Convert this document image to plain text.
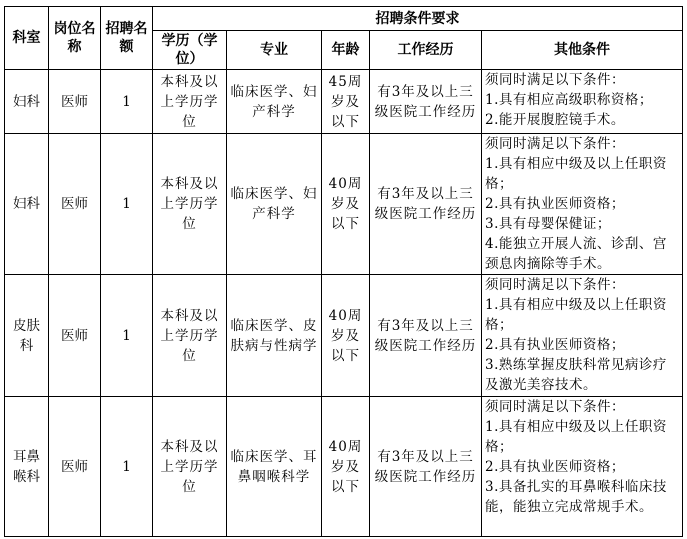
科室	岗位名称	招聘名额	招聘条件要求				
			学历（学位）	专业	年龄	工作经历	其他条件
妇科	医师	1	本科及以上学历学位	临床医学、妇产科学	45周岁及以下	有3年及以上三级医院工作经历	须同时满足以下条件：
1.具有相应高级职称资格；
2.能开展腹腔镜手术。

妇科	医师	1	本科及以上学历学位	临床医学、妇产科学	40周岁及以下	有3年及以上三级医院工作经历	须同时满足以下条件：
1.具有相应中级及以上任职资格；
2.具有执业医师资格；
3.具有母婴保健证；
4.能独立开展人流、诊刮、宫颈息肉摘除等手术。

皮肤科	医师	1	本科及以上学历学位	临床医学、皮肤病与性病学	40周岁及以下	有3年及以上三级医院工作经历	须同时满足以下条件：
1.具有相应中级及以上任职资格；
2.具有执业医师资格；
3.熟练掌握皮肤科常见病诊疗及激光美容技术。

耳鼻喉科	医师	1	本科及以上学历学位	临床医学、耳鼻咽喉科学	40周岁及以下	有3年及以上三级医院工作经历	须同时满足以下条件：
1.具有相应中级及以上任职资格；
2.具有执业医师资格；
3.具备扎实的耳鼻喉科临床技能，能独立完成常规手术。
